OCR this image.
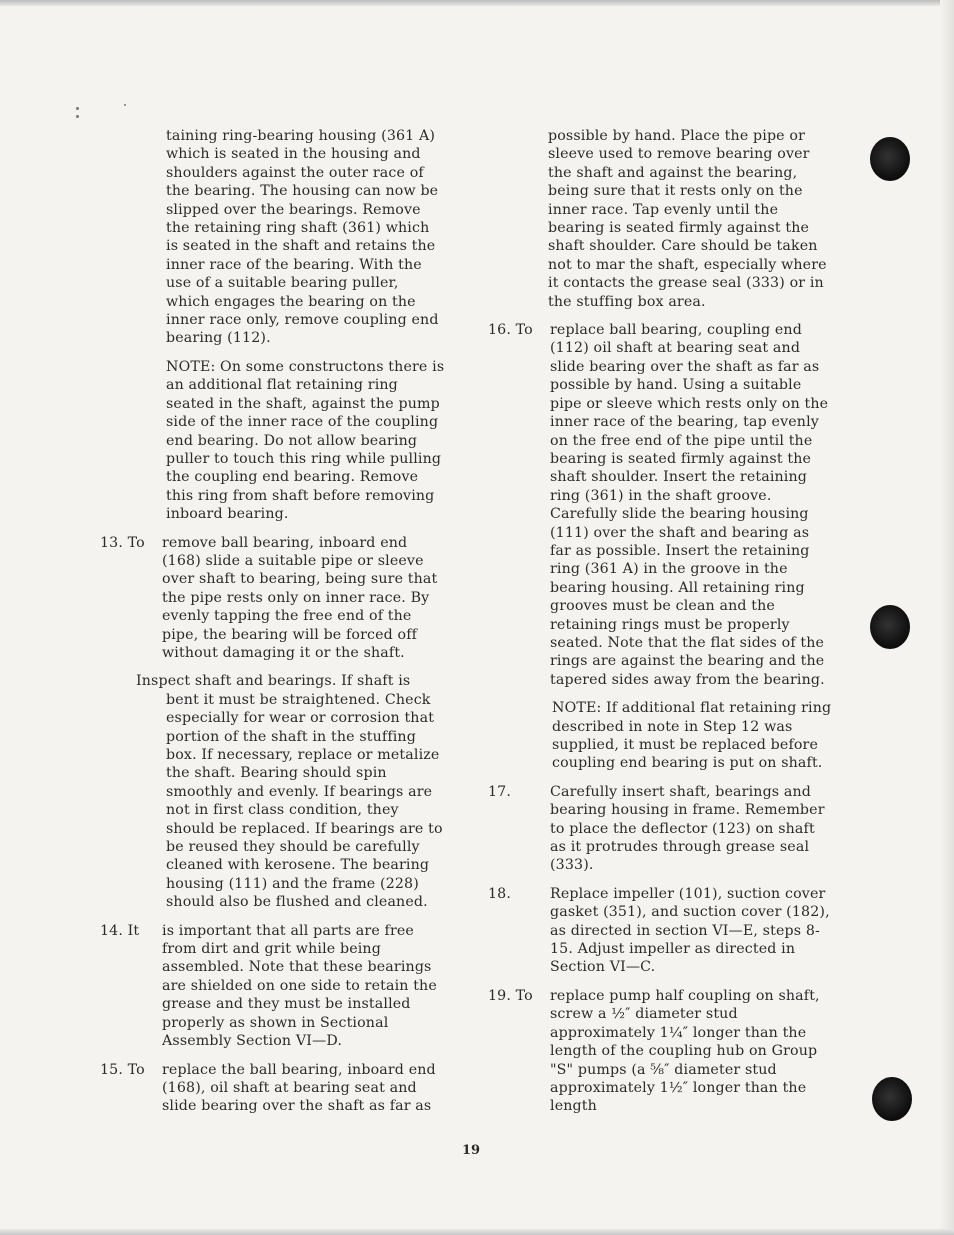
taining ring-bearing housing (361 A) which is seated in the housing and shoulders against the outer race of the bearing. The housing can now be slipped over the bearings. Remove the retaining ring shaft (361) which is seated in the shaft and retains the inner race of the bearing. With the use of a suitable bearing puller, which engages the bearing on the inner race only, remove coupling end bearing (112).

NOTE: On some constructons there is an additional flat retaining ring seated in the shaft, against the pump side of the inner race of the coupling end bearing. Do not allow bearing puller to touch this ring while pulling the coupling end bearing. Remove this ring from shaft before removing inboard bearing.

13. To	remove ball bearing, inboard end (168) slide a suitable pipe or sleeve over shaft to bearing, being sure that the pipe rests only on inner race. By evenly tapping the free end of the pipe, the bearing will be forced off without damaging it or the shaft.

Inspect shaft and bearings. If shaft is bent it must be straightened. Check especially for wear or corrosion that portion of the shaft in the stuffing box. If necessary, replace or metalize the shaft. Bearing should spin smoothly and evenly. If bearings are not in first class condition, they should be replaced. If bearings are to be reused they should be carefully cleaned with kerosene. The bearing housing (111) and the frame (228) should also be flushed and cleaned.

14. It	is important that all parts are free from dirt and grit while being assembled. Note that these bearings are shielded on one side to retain the grease and they must be installed properly as shown in Sectional Assembly Section VI—D.
15. To	replace the ball bearing, inboard end (168), oil shaft at bearing seat and slide bearing over the shaft as far as

possible by hand. Place the pipe or sleeve used to remove bearing over the shaft and against the bearing, being sure that it rests only on the inner race. Tap evenly until the bearing is seated firmly against the shaft shoulder. Care should be taken not to mar the shaft, especially where it contacts the grease seal (333) or in the stuffing box area.

16. To	replace ball bearing, coupling end (112) oil shaft at bearing seat and slide bearing over the shaft as far as possible by hand. Using a suitable pipe or sleeve which rests only on the inner race of the bearing, tap evenly on the free end of the pipe until the bearing is seated firmly against the shaft shoulder. Insert the retaining ring (361) in the shaft groove. Carefully slide the bearing housing (111) over the shaft and bearing as far as possible. Insert the retaining ring (361 A) in the groove in the bearing housing. All retaining ring grooves must be clean and the retaining rings must be properly seated. Note that the flat sides of the rings are against the bearing and the tapered sides away from the bearing.

NOTE: If additional flat retaining ring described in note in Step 12 was supplied, it must be replaced before coupling end bearing is put on shaft.

17.	Carefully insert shaft, bearings and bearing housing in frame. Remember to place the deflector (123) on shaft as it protrudes through grease seal (333).
18.	Replace impeller (101), suction cover gasket (351), and suction cover (182), as directed in section VI—E, steps 8-15. Adjust impeller as directed in Section VI—C.
19. To	replace pump half coupling on shaft, screw a ½″ diameter stud approximately 1¼″ longer than the length of the coupling hub on Group "S" pumps (a ⅝″ diameter stud approximately 1½″ longer than the length
19
